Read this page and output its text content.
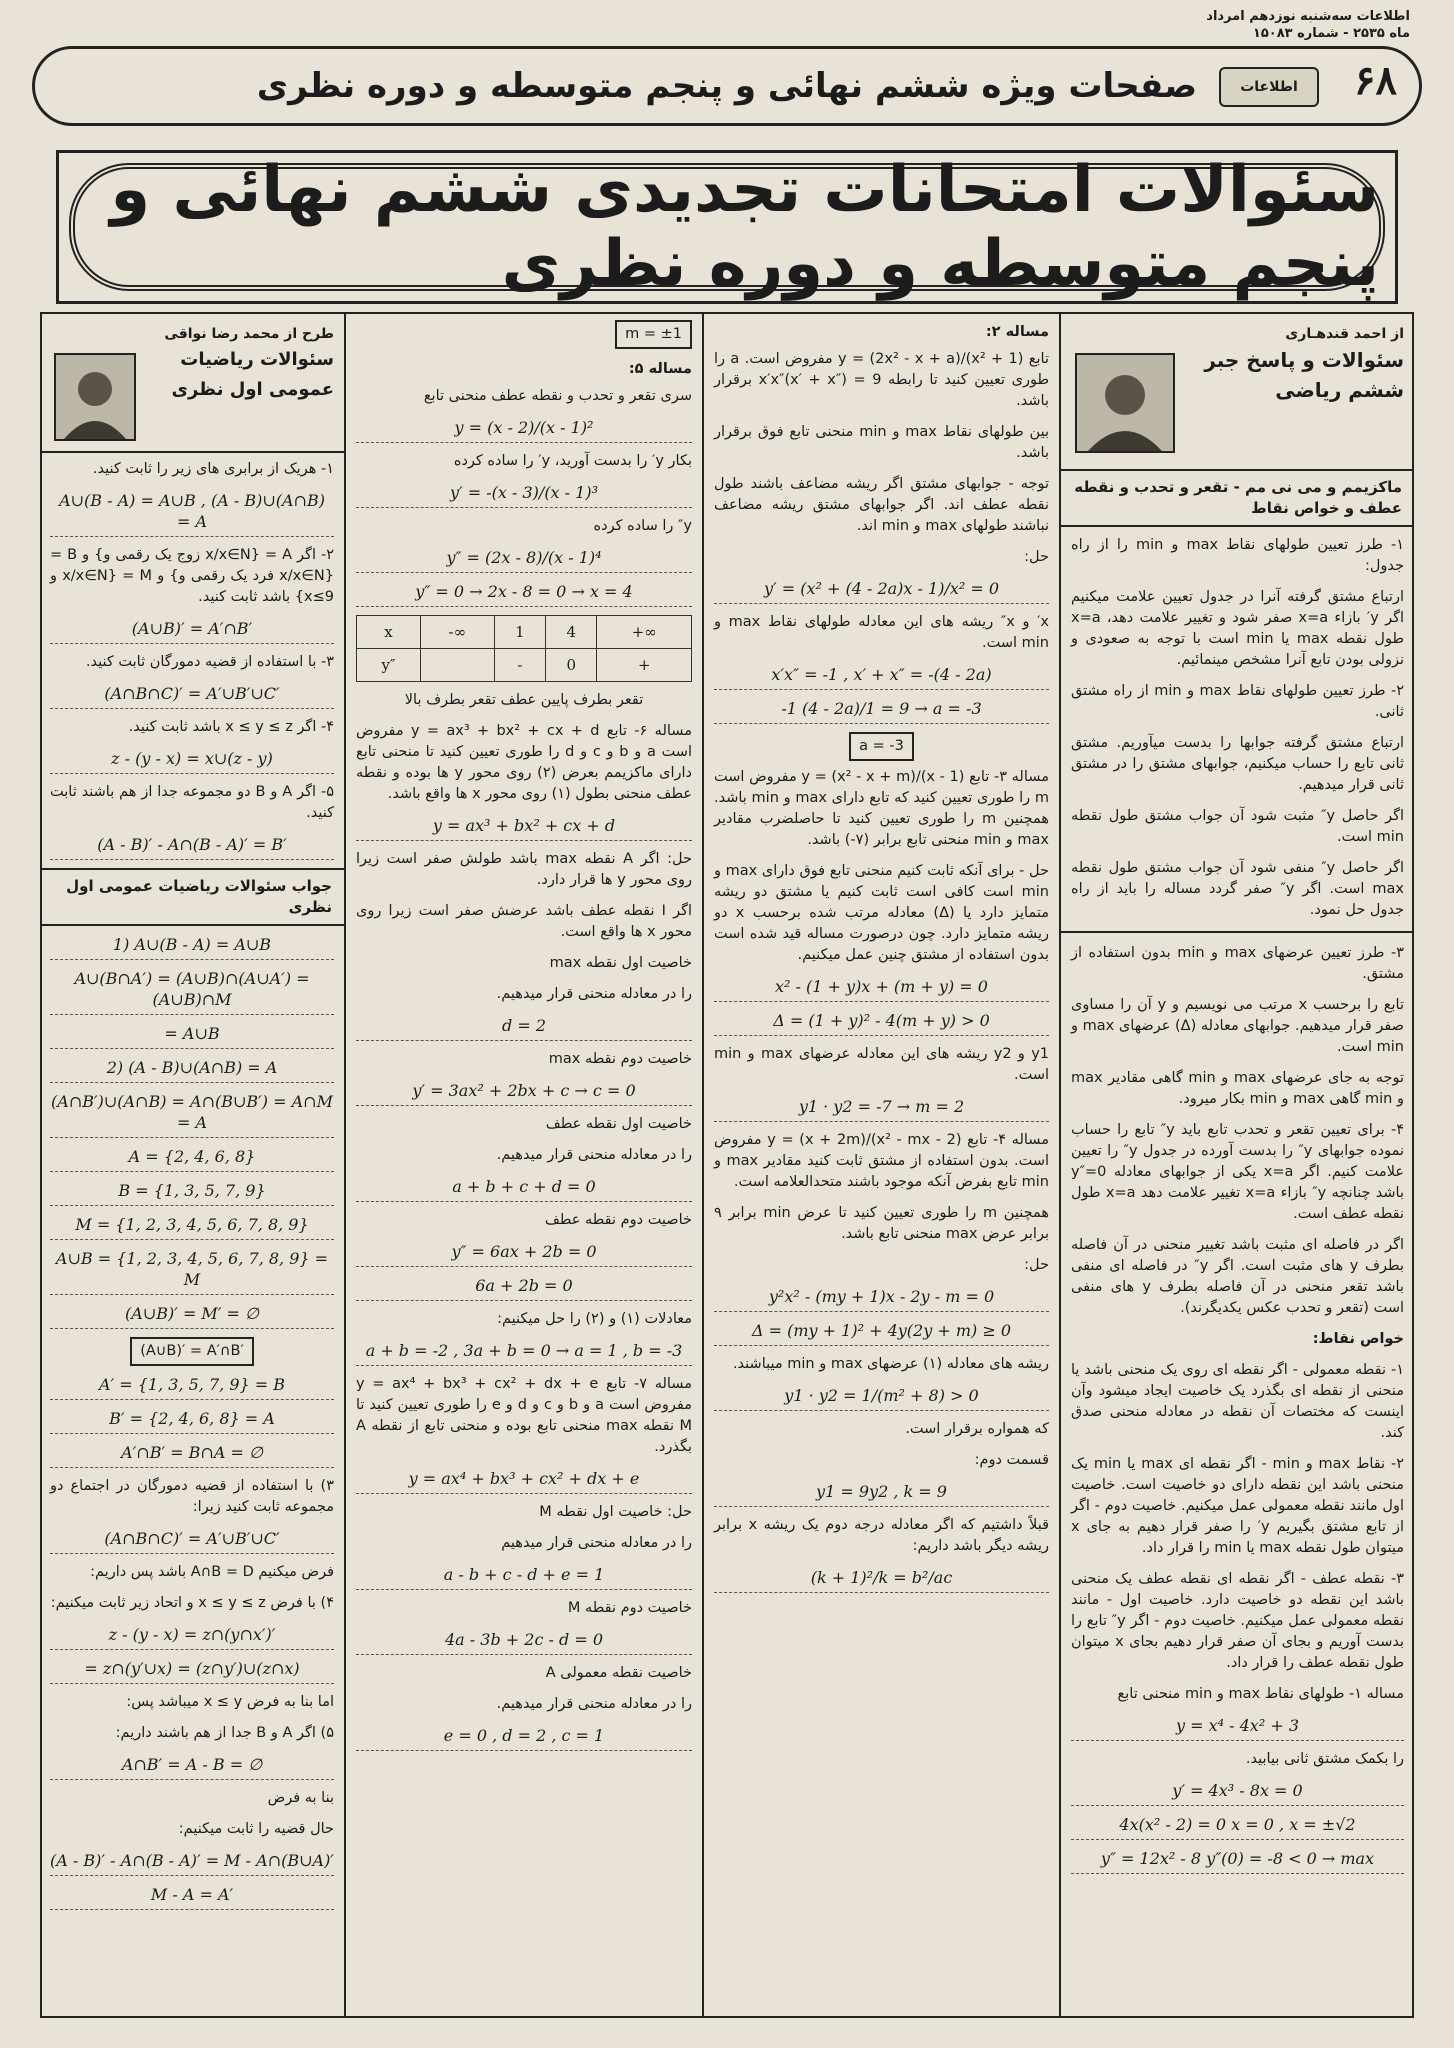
اطلاعات سه‌شنبه نوزدهم امرداد
ماه ۲۵۳۵ - شماره ۱۵۰۸۳
۶۸
اطلاعات
صفحات ویژه ششم نهائی و پنجم متوسطه و دوره نظری
سئوالات امتحانات تجدیدی ششم نهائی و پنجم متوسطه و دوره نظری
از احمد قندهـاری
سئوالات و پاسخ جبر
ششم ریاضی
ماکزیمم و می نی مم - تقعر و تحدب و نقطه عطف و خواص نقاط
۱- طرز تعیین طولهای نقاط max و min را از راه جدول:
ارتباع مشتق گرفته آنرا در جدول تعیین علامت میکنیم اگر y′ بازاء x=a صفر شود و تغییر علامت دهد، x=a طول نقطه max یا min است با توجه به صعودی و نزولی بودن تابع آنرا مشخص مینمائیم.
۲- طرز تعیین طولهای نقاط max و min از راه مشتق ثانی.
ارتباع مشتق گرفته جوابها را بدست میآوریم. مشتق ثانی تابع را حساب میکنیم، جوابهای مشتق را در مشتق ثانی قرار میدهیم.
اگر حاصل y″ مثبت شود آن جواب مشتق طول نقطه min است.
اگر حاصل y″ منفی شود آن جواب مشتق طول نقطه max است. اگر y″ صفر گردد مساله را باید از راه جدول حل نمود.
۳- طرز تعیین عرضهای max و min بدون استفاده از مشتق.
تابع را برحسب x مرتب می نویسیم و y آن را مساوی صفر قرار میدهیم. جوابهای معادله (Δ) عرضهای max و min است.
توجه به جای عرضهای max و min گاهی مقادیر max و min گاهی max و min بکار میرود.
۴- برای تعیین تقعر و تحدب تابع باید y″ تابع را حساب نموده جوابهای y″ را بدست آورده در جدول y″ را تعیین علامت کنیم. اگر x=a یکی از جوابهای معادله y″=0 باشد چنانچه y″ بازاء x=a تغییر علامت دهد x=a طول نقطه عطف است.
اگر در فاصله ای مثبت باشد تغییر منحنی در آن فاصله بطرف y های مثبت است. اگر y″ در فاصله ای منفی باشد تقعر منحنی در آن فاصله بطرف y های منفی است (تقعر و تحدب عکس یکدیگرند).
خواص نقاط:
۱- نقطه معمولی - اگر نقطه ای روی یک منحنی باشد یا منحنی از نقطه ای بگذرد یک خاصیت ایجاد میشود وآن اینست که مختصات آن نقطه در معادله منحنی صدق کند.
۲- نقاط max و min - اگر نقطه ای max یا min یک منحنی باشد این نقطه دارای دو خاصیت است. خاصیت اول مانند نقطه معمولی عمل میکنیم. خاصیت دوم - اگر از تابع مشتق بگیریم y′ را صفر قرار دهیم به جای x میتوان طول نقطه max یا min را قرار داد.
۳- نقطه عطف - اگر نقطه ای نقطه عطف یک منحنی باشد این نقطه دو خاصیت دارد. خاصیت اول - مانند نقطه معمولی عمل میکنیم. خاصیت دوم - اگر y″ تابع را بدست آوریم و بجای آن صفر قرار دهیم بجای x میتوان طول نقطه عطف را قرار داد.
مساله ۱- طولهای نقاط max و min منحنی تابع
y = x⁴ - 4x² + 3
را بکمک مشتق ثانی بیابید.
y′ = 4x³ - 8x = 0
4x(x² - 2) = 0 x = 0 , x = ±√2
y″ = 12x² - 8 y″(0) = -8 < 0 → max
مساله ۲:
تابع y = (2x² - x + a)/(x² + 1) مفروض است. a را طوری تعیین کنید تا رابطه x′x″(x′ + x″) = 9 برقرار باشد.
بین طولهای نقاط max و min منحنی تابع فوق برقرار باشد.
توجه - جوابهای مشتق اگر ریشه مضاعف باشند طول نقطه عطف اند. اگر جوابهای مشتق ریشه مضاعف نباشند طولهای max و min اند.
حل:
y′ = (x² + (4 - 2a)x - 1)/x² = 0
x′ و x″ ریشه های این معادله طولهای نقاط max و min است.
x′x″ = -1 , x′ + x″ = -(4 - 2a)
-1 (4 - 2a)/1 = 9 → a = -3
a = -3
مساله ۳- تابع y = (x² - x + m)/(x - 1) مفروض است m را طوری تعیین کنید که تابع دارای max و min باشد. همچنین m را طوری تعیین کنید تا حاصلضرب مقادیر max و min منحنی تابع برابر (۷-) باشد.
حل - برای آنکه ثابت کنیم منحنی تابع فوق دارای max و min است کافی است ثابت کنیم یا مشتق دو ریشه متمایز دارد یا (Δ) معادله مرتب شده برحسب x دو ریشه متمایز دارد. چون درصورت مساله قید شده است بدون استفاده از مشتق چنین عمل میکنیم.
x² - (1 + y)x + (m + y) = 0
Δ = (1 + y)² - 4(m + y) > 0
y1 و y2 ریشه های این معادله عرضهای max و min است.
y1 · y2 = -7 → m = 2
مساله ۴- تابع y = (x + 2m)/(x² - mx - 2) مفروض است. بدون استفاده از مشتق ثابت کنید مقادیر max و min تابع بفرض آنکه موجود باشند متحدالعلامه است.
همچنین m را طوری تعیین کنید تا عرض min برابر ۹ برابر عرض max منحنی تابع باشد.
حل:
y²x² - (my + 1)x - 2y - m = 0
Δ = (my + 1)² + 4y(2y + m) ≥ 0
ریشه های معادله (۱) عرضهای max و min میباشند.
y1 · y2 = 1/(m² + 8) > 0
که همواره برقرار است.
قسمت دوم:
y1 = 9y2 , k = 9
قبلاً داشتیم که اگر معادله درجه دوم یک ریشه x برابر ریشه دیگر باشد داریم:
(k + 1)²/k = b²/ac
m = ±1
مساله ۵:
سری تقعر و تحدب و نقطه عطف منحنی تابع
y = (x - 2)/(x - 1)²
بکار y′ را بدست آورید، y′ را ساده کرده
y′ = -(x - 3)/(x - 1)³
y″ را ساده کرده
y″ = (2x - 8)/(x - 1)⁴
y″ = 0 → 2x - 8 = 0 → x = 4
x	-∞	1	4	+∞
y″		-	0	+
تقعر بطرف پایین عطف تقعر بطرف بالا
مساله ۶- تابع y = ax³ + bx² + cx + d مفروض است a و b و c و d را طوری تعیین کنید تا منحنی تابع دارای ماکزیمم بعرض (۲) روی محور y ها بوده و نقطه عطف منحنی بطول (۱) روی محور x ها واقع باشد.
y = ax³ + bx² + cx + d
حل: اگر A نقطه max باشد طولش صفر است زیرا روی محور y ها قرار دارد.
اگر I نقطه عطف باشد عرضش صفر است زیرا روی محور x ها واقع است.
خاصیت اول نقطه max
را در معادله منحنی قرار میدهیم.
d = 2
خاصیت دوم نقطه max
y′ = 3ax² + 2bx + c → c = 0
خاصیت اول نقطه عطف
را در معادله منحنی قرار میدهیم.
a + b + c + d = 0
خاصیت دوم نقطه عطف
y″ = 6ax + 2b = 0
6a + 2b = 0
معادلات (۱) و (۲) را حل میکنیم:
a + b = -2 , 3a + b = 0 → a = 1 , b = -3
مساله ۷- تابع y = ax⁴ + bx³ + cx² + dx + e مفروض است a و b و c و d و e را طوری تعیین کنید تا M نقطه max منحنی تابع بوده و منحنی تابع از نقطه A بگذرد.
y = ax⁴ + bx³ + cx² + dx + e
حل: خاصیت اول نقطه M
را در معادله منحنی قرار میدهیم
a - b + c - d + e = 1
خاصیت دوم نقطه M
4a - 3b + 2c - d = 0
خاصیت نقطه معمولی A
را در معادله منحنی قرار میدهیم.
e = 0 , d = 2 , c = 1
طرح از محمد رضا نواقی
سئوالات ریاضیات
عمومی اول نظری
۱- هریک از برابری های زیر را ثابت کنید.
A∪(B - A) = A∪B , (A - B)∪(A∩B) = A
۲- اگر A = {x/x∈N زوج یک رقمی و} و B = {x/x∈N فرد یک رقمی و} و M = {x/x∈N و x≤9} باشد ثابت کنید.
(A∪B)′ = A′∩B′
۳- با استفاده از قضیه دمورگان ثابت کنید.
(A∩B∩C)′ = A′∪B′∪C′
۴- اگر x ≤ y ≤ z باشد ثابت کنید.
z - (y - x) = x∪(z - y)
۵- اگر A و B دو مجموعه جدا از هم باشند ثابت کنید.
(A - B)′ - A∩(B - A)′ = B′
جواب سئوالات ریاضیات عمومی اول نظری
1) A∪(B - A) = A∪B
A∪(B∩A′) = (A∪B)∩(A∪A′) = (A∪B)∩M
= A∪B
2) (A - B)∪(A∩B) = A
(A∩B′)∪(A∩B) = A∩(B∪B′) = A∩M = A
A = {2, 4, 6, 8}
B = {1, 3, 5, 7, 9}
M = {1, 2, 3, 4, 5, 6, 7, 8, 9}
A∪B = {1, 2, 3, 4, 5, 6, 7, 8, 9} = M
(A∪B)′ = M′ = ∅
(A∪B)′ = A′∩B′
A′ = {1, 3, 5, 7, 9} = B
B′ = {2, 4, 6, 8} = A
A′∩B′ = B∩A = ∅
۳) با استفاده از قضیه دمورگان در اجتماع دو مجموعه ثابت کنید زیرا:
(A∩B∩C)′ = A′∪B′∪C′
فرض میکنیم A∩B = D باشد پس داریم:
۴) با فرض x ≤ y ≤ z و اتحاد زیر ثابت میکنیم:
z - (y - x) = z∩(y∩x′)′
= z∩(y′∪x) = (z∩y′)∪(z∩x)
اما بنا به فرض x ≤ y میباشد پس:
۵) اگر A و B جدا از هم باشند داریم:
A∩B′ = A - B = ∅
بنا به فرض
حال قضیه را ثابت میکنیم:
(A - B)′ - A∩(B - A)′ = M - A∩(B∪A)′
M - A = A′
